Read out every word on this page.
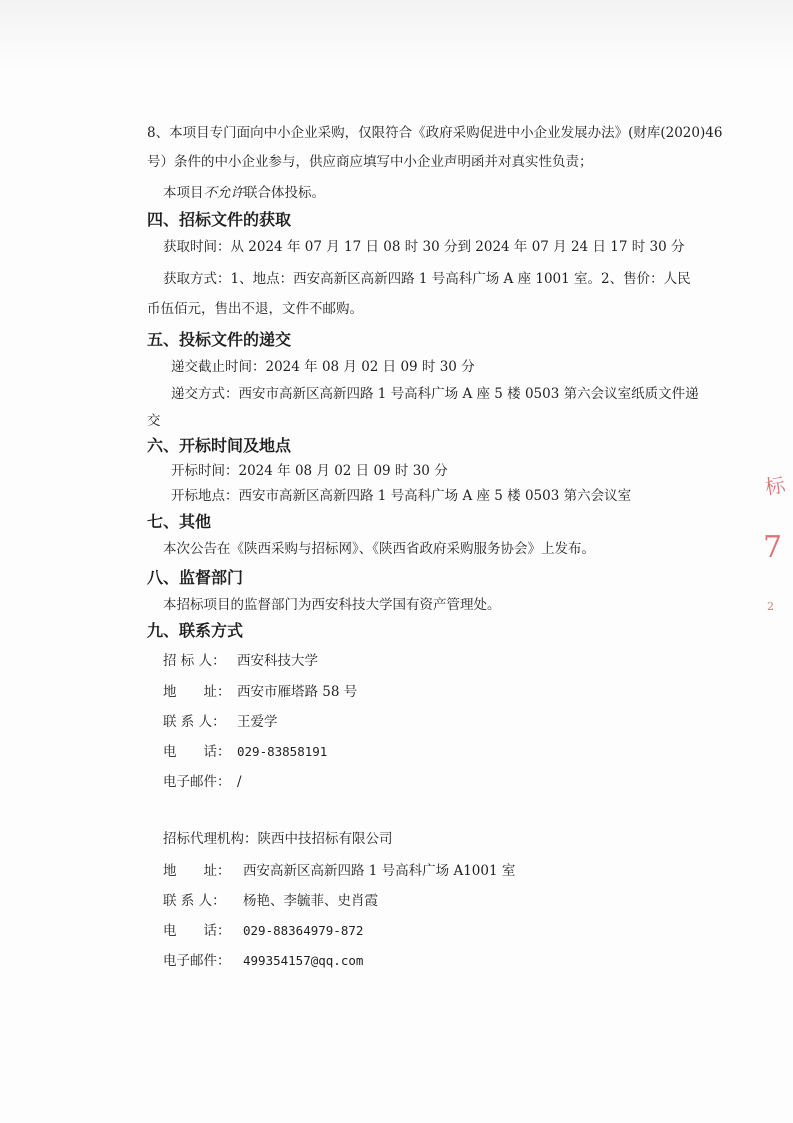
8、本项目专门面向中小企业采购，仅限符合《政府采购促进中小企业发展办法》(财库(2020)46
号）条件的中小企业参与，供应商应填写中小企业声明函并对真实性负责；
本项目不允许联合体投标。
四、招标文件的获取
获取时间：从 2024 年 07 月 17 日 08 时 30 分到 2024 年 07 月 24 日 17 时 30 分
获取方式：1、地点：西安高新区高新四路 1 号高科广场 A 座 1001 室。2、售价：人民
币伍佰元，售出不退，文件不邮购。
五、投标文件的递交
递交截止时间：2024 年 08 月 02 日 09 时 30 分
递交方式：西安市高新区高新四路 1 号高科广场 A 座 5 楼 0503 第六会议室纸质文件递
交
六、开标时间及地点
开标时间：2024 年 08 月 02 日 09 时 30 分
开标地点：西安市高新区高新四路 1 号高科广场 A 座 5 楼 0503 第六会议室
七、其他
本次公告在《陕西采购与招标网》、《陕西省政府采购服务协会》上发布。
八、监督部门
本招标项目的监督部门为西安科技大学国有资产管理处。
九、联系方式
招 标 人： 西安科技大学
地　　址： 西安市雁塔路 58 号
联 系 人： 王爱学
电　　话： 029-83858191
电子邮件： /
招标代理机构：陕西中技招标有限公司
地　　址： 西安高新区高新四路 1 号高科广场 A1001 室
联 系 人： 杨艳、李毓菲、史肖霞
电　　话： 029-88364979-872
电子邮件： 499354157@qq.com
标
7
2
